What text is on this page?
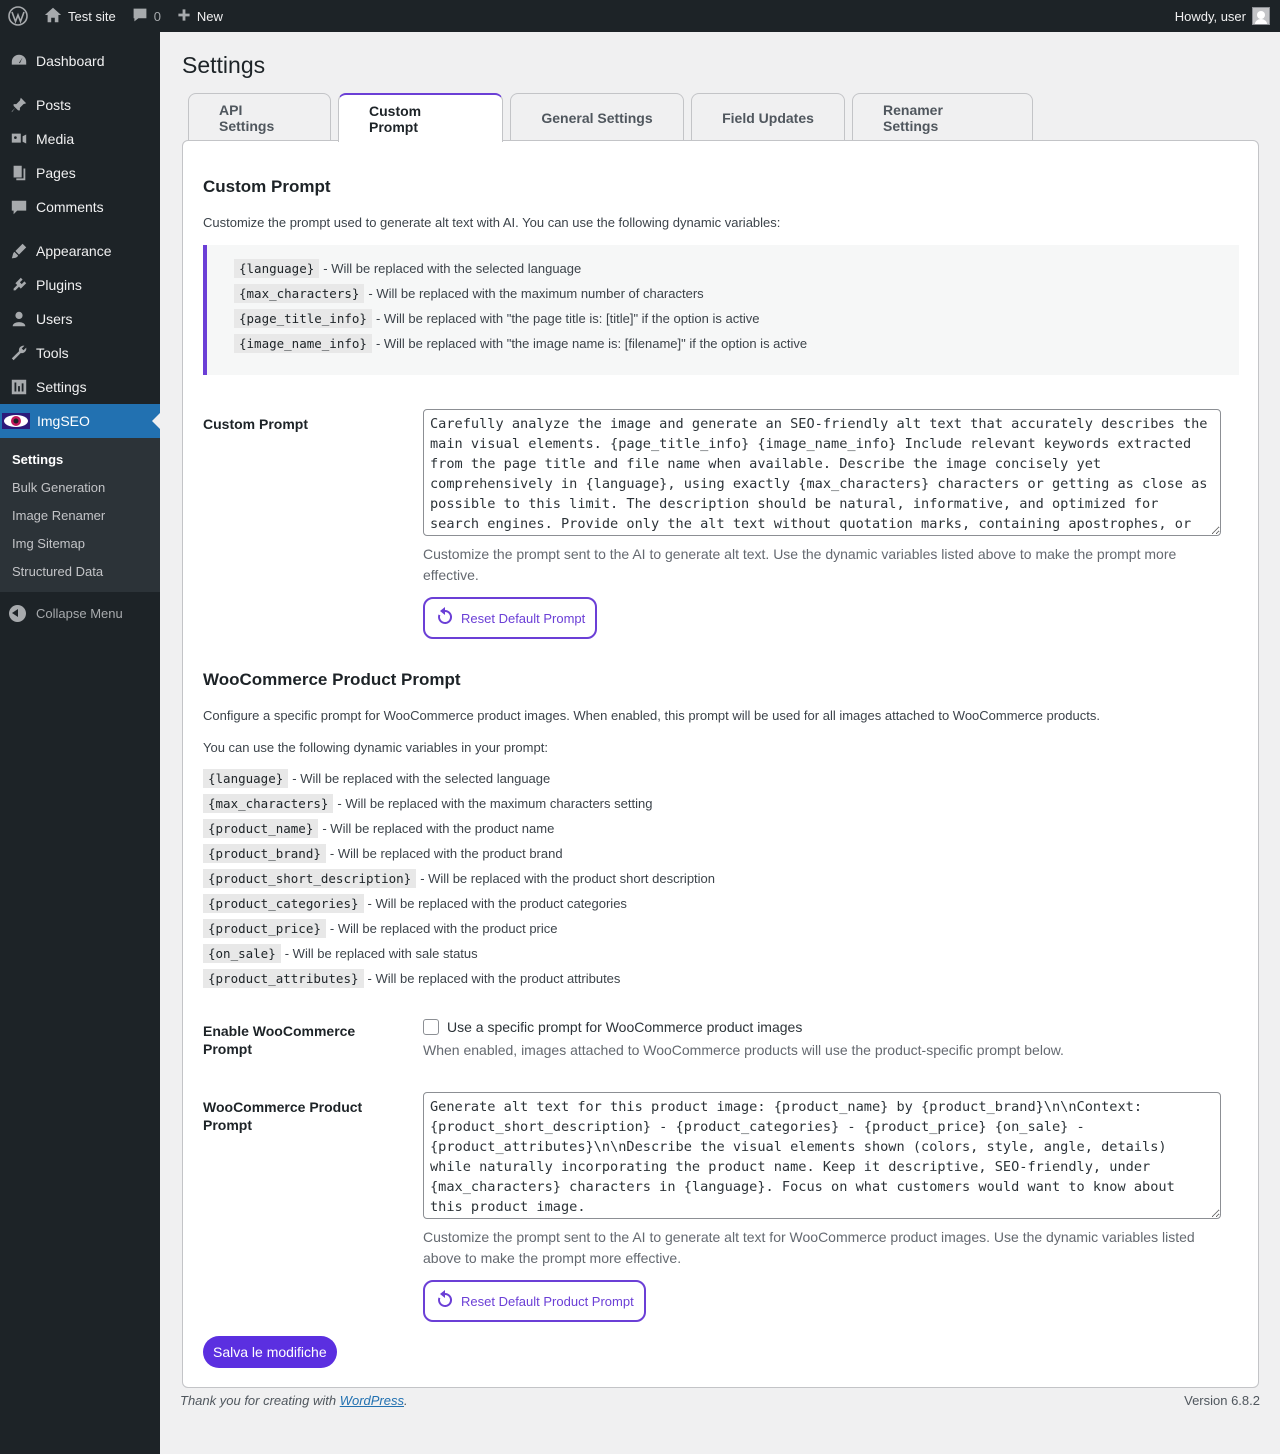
Test site	0	New	Howdy, user
Dashboard
Posts
Media
Pages
Comments
Appearance
Plugins
Users
Tools
Settings
ImgSEO
Settings
Bulk Generation
Image Renamer
Img Sitemap
Structured Data
Collapse Menu
Settings
API Settings
Custom Prompt
General Settings	Field Updates	Renamer Settings
Custom Prompt

Customize the prompt used to generate alt text with AI. You can use the following dynamic variables:

{language} - Will be replaced with the selected language
{max_characters} - Will be replaced with the maximum number of characters
{page_title_info} - Will be replaced with "the page title is: [title]" if the option is active
{image_name_info} - Will be replaced with "the image name is: [filename]" if the option is active
Custom Prompt
Carefully analyze the image and generate an SEO-friendly alt text that accurately describes the main visual elements. {page_title_info} {image_name_info} Include relevant keywords extracted from the page title and file name when available. Describe the image concisely yet comprehensively in {language}, using exactly {max_characters} characters or getting as close as possible to this limit. The description should be natural, informative, and optimized for search engines. Provide only the alt text without quotation marks, containing apostrophes, or
Customize the prompt sent to the AI to generate alt text. Use the dynamic variables listed above to make the prompt more effective.
Reset Default Prompt
WooCommerce Product Prompt

Configure a specific prompt for WooCommerce product images. When enabled, this prompt will be used for all images attached to WooCommerce products.

You can use the following dynamic variables in your prompt:

{language} - Will be replaced with the selected language
{max_characters} - Will be replaced with the maximum characters setting
{product_name} - Will be replaced with the product name
{product_brand} - Will be replaced with the product brand
{product_short_description} - Will be replaced with the product short description
{product_categories} - Will be replaced with the product categories
{product_price} - Will be replaced with the product price
{on_sale} - Will be replaced with sale status
{product_attributes} - Will be replaced with the product attributes
Enable WooCommerce Prompt
Use a specific prompt for WooCommerce product images
When enabled, images attached to WooCommerce products will use the product-specific prompt below.
WooCommerce Product Prompt
Generate alt text for this product image: {product_name} by {product_brand}\n\nContext: {product_short_description} - {product_categories} - {product_price} {on_sale} - {product_attributes}\n\nDescribe the visual elements shown (colors, style, angle, details) while naturally incorporating the product name. Keep it descriptive, SEO-friendly, under {max_characters} characters in {language}. Focus on what customers would want to know about this product image.
Customize the prompt sent to the AI to generate alt text for WooCommerce product images. Use the dynamic variables listed above to make the prompt more effective.
Reset Default Product Prompt
Salva le modifiche
Thank you for creating with WordPress.	Version 6.8.2
